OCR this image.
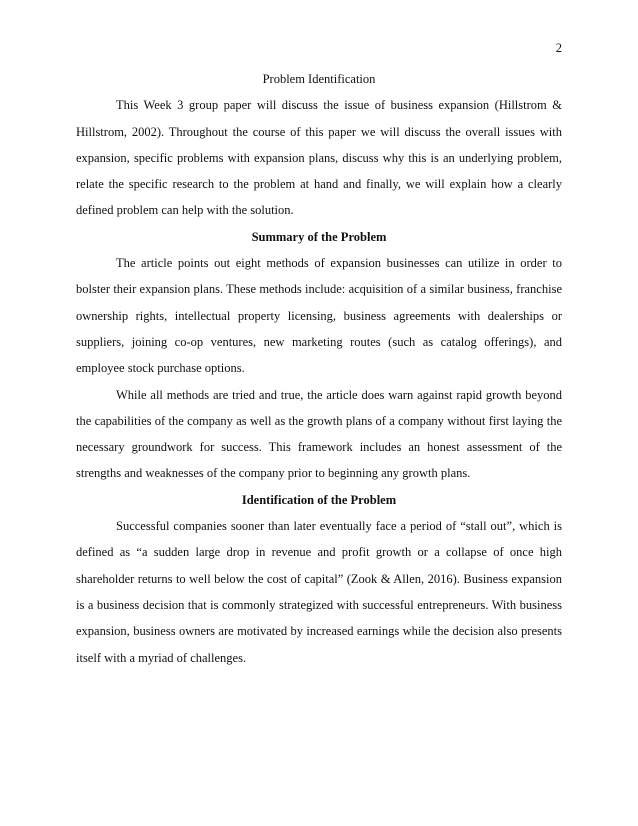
2

Problem Identification

This Week 3 group paper will discuss the issue of business expansion (Hillstrom & Hillstrom, 2002). Throughout the course of this paper we will discuss the overall issues with expansion, specific problems with expansion plans, discuss why this is an underlying problem, relate the specific research to the problem at hand and finally, we will explain how a clearly defined problem can help with the solution.

Summary of the Problem

The article points out eight methods of expansion businesses can utilize in order to bolster their expansion plans. These methods include: acquisition of a similar business, franchise ownership rights, intellectual property licensing, business agreements with dealerships or suppliers, joining co-op ventures, new marketing routes (such as catalog offerings), and employee stock purchase options.

While all methods are tried and true, the article does warn against rapid growth beyond the capabilities of the company as well as the growth plans of a company without first laying the necessary groundwork for success. This framework includes an honest assessment of the strengths and weaknesses of the company prior to beginning any growth plans.

Identification of the Problem

Successful companies sooner than later eventually face a period of “stall out”, which is defined as “a sudden large drop in revenue and profit growth or a collapse of once high shareholder returns to well below the cost of capital” (Zook & Allen, 2016). Business expansion is a business decision that is commonly strategized with successful entrepreneurs. With business expansion, business owners are motivated by increased earnings while the decision also presents itself with a myriad of challenges.
